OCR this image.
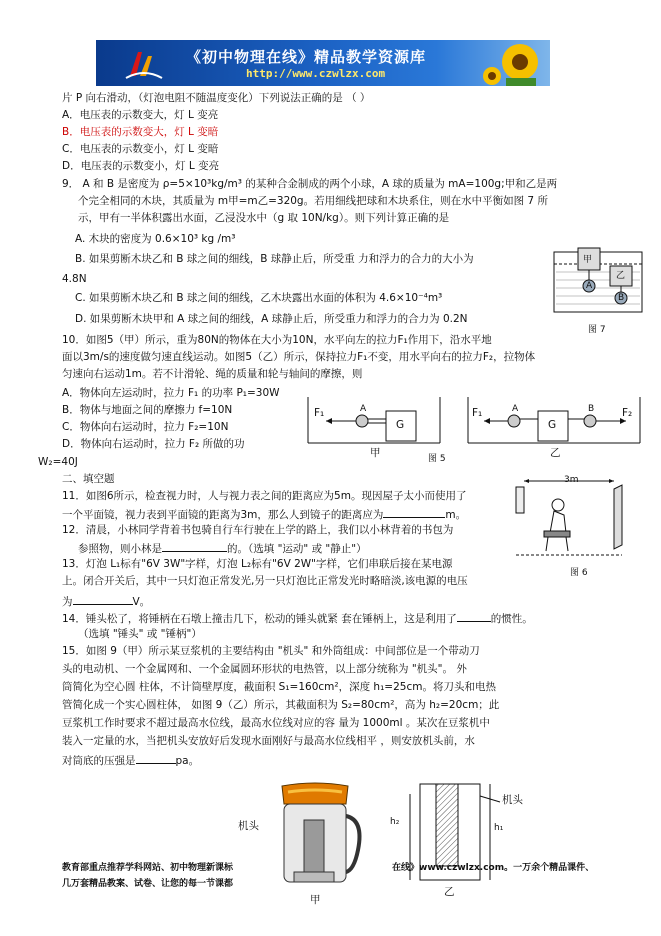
《初中物理在线》精品教学资源库
http://www.czwlzx.com
片 P 向右滑动，（灯泡电阻不随温度变化）下列说法正确的是 （ ）
A．电压表的示数变大，灯 L 变亮
B．电压表的示数变大，灯 L 变暗
C．电压表的示数变小，灯 L 变暗
D．电压表的示数变小，灯 L 变亮
9． A 和 B 是密度为 ρ=5×10³kg/m³ 的某种合金制成的两个小球，A 球的质量为 mA=100g;甲和乙是两
个完全相同的木块，其质量为 m甲=m乙=320g。若用细线把球和木块系住，则在水中平衡如图 7 所
示，甲有一半体积露出水面，乙浸没水中（g 取 10N/kg）。则下列计算正确的是
A. 木块的密度为 0.6×10³ kg /m³
B. 如果剪断木块乙和 B 球之间的细线，B 球静止后，所受重 力和浮力的合力的大小为
4.8N
C. 如果剪断木块乙和 B 球之间的细线，乙木块露出水面的体积为 4.6×10⁻⁴m³
D. 如果剪断木块甲和 A 球之间的细线，A 球静止后，所受重力和浮力的合力为 0.2N
10．如图5（甲）所示，重为80N的物体在大小为10N，水平向左的拉力F₁作用下，沿水平地
面以3m/s的速度做匀速直线运动。如图5（乙）所示，保持拉力F₁不变，用水平向右的拉力F₂，拉物体
匀速向右运动1m。若不计滑轮、绳的质量和轮与轴间的摩擦，则
A．物体向左运动时，拉力 F₁ 的功率 P₁=30W
B．物体与地面之间的摩擦力 f=10N
C．物体向右运动时，拉力 F₂=10N
D．物体向右运动时，拉力 F₂ 所做的功
W₂=40J
二、填空题
11．如图6所示，检查视力时，人与视力表之间的距离应为5m。现因屋子太小而使用了
一个平面镜，视力表到平面镜的距离为3m，那么人到镜子的距离应为	m。
12．清晨，小林同学背着书包骑自行车行驶在上学的路上，我们以小林背着的书包为
参照物，则小林是	的。（选填 "运动" 或 "静止"）
13．灯泡 L₁标有"6V 3W"字样，灯泡 L₂标有"6V 2W"字样，它们串联后接在某电源
上。闭合开关后，其中一只灯泡正常发光,另一只灯泡比正常发光时略暗淡,该电源的电压
为	V。
14．锤头松了，将锤柄在石墩上撞击几下，松动的锤头就紧 套在锤柄上，这是利用了	的惯性。
（选填 "锤头" 或 "锤柄"）
15．如图 9（甲）所示某豆浆机的主要结构由 "机头" 和外筒组成：中间部位是一个带动刀
头的电动机、一个金属网和、一个金属圆环形状的电热管，以上部分统称为 "机头"。 外
筒简化为空心圆 柱体，不计筒壁厚度，截面积 S₁=160cm²，深度 h₁=25cm。将刀头和电热
管简化成一个实心圆柱体， 如图 9（乙）所示，其截面积为 S₂=80cm²，高为 h₂=20cm；此
豆浆机工作时要求不超过最高水位线，最高水位线对应的容 量为 1000ml 。某次在豆浆机中
装入一定量的水，当把机头安放好后发现水面刚好与最高水位线相平 ，则安放机头前，水
对筒底的压强是	pa。
甲
乙
A
B
图 7
F₁	A
G
甲	图 5
F₁	A
G
B	F₂
乙
3m
图 6
机头
甲
h₂
h₁
机头
乙
教育部重点推荐学科网站、初中物理新课标
几万套精品教案、试卷、让您的每一节课都
在线》www.czwlzx.com。一万余个精品课件、
